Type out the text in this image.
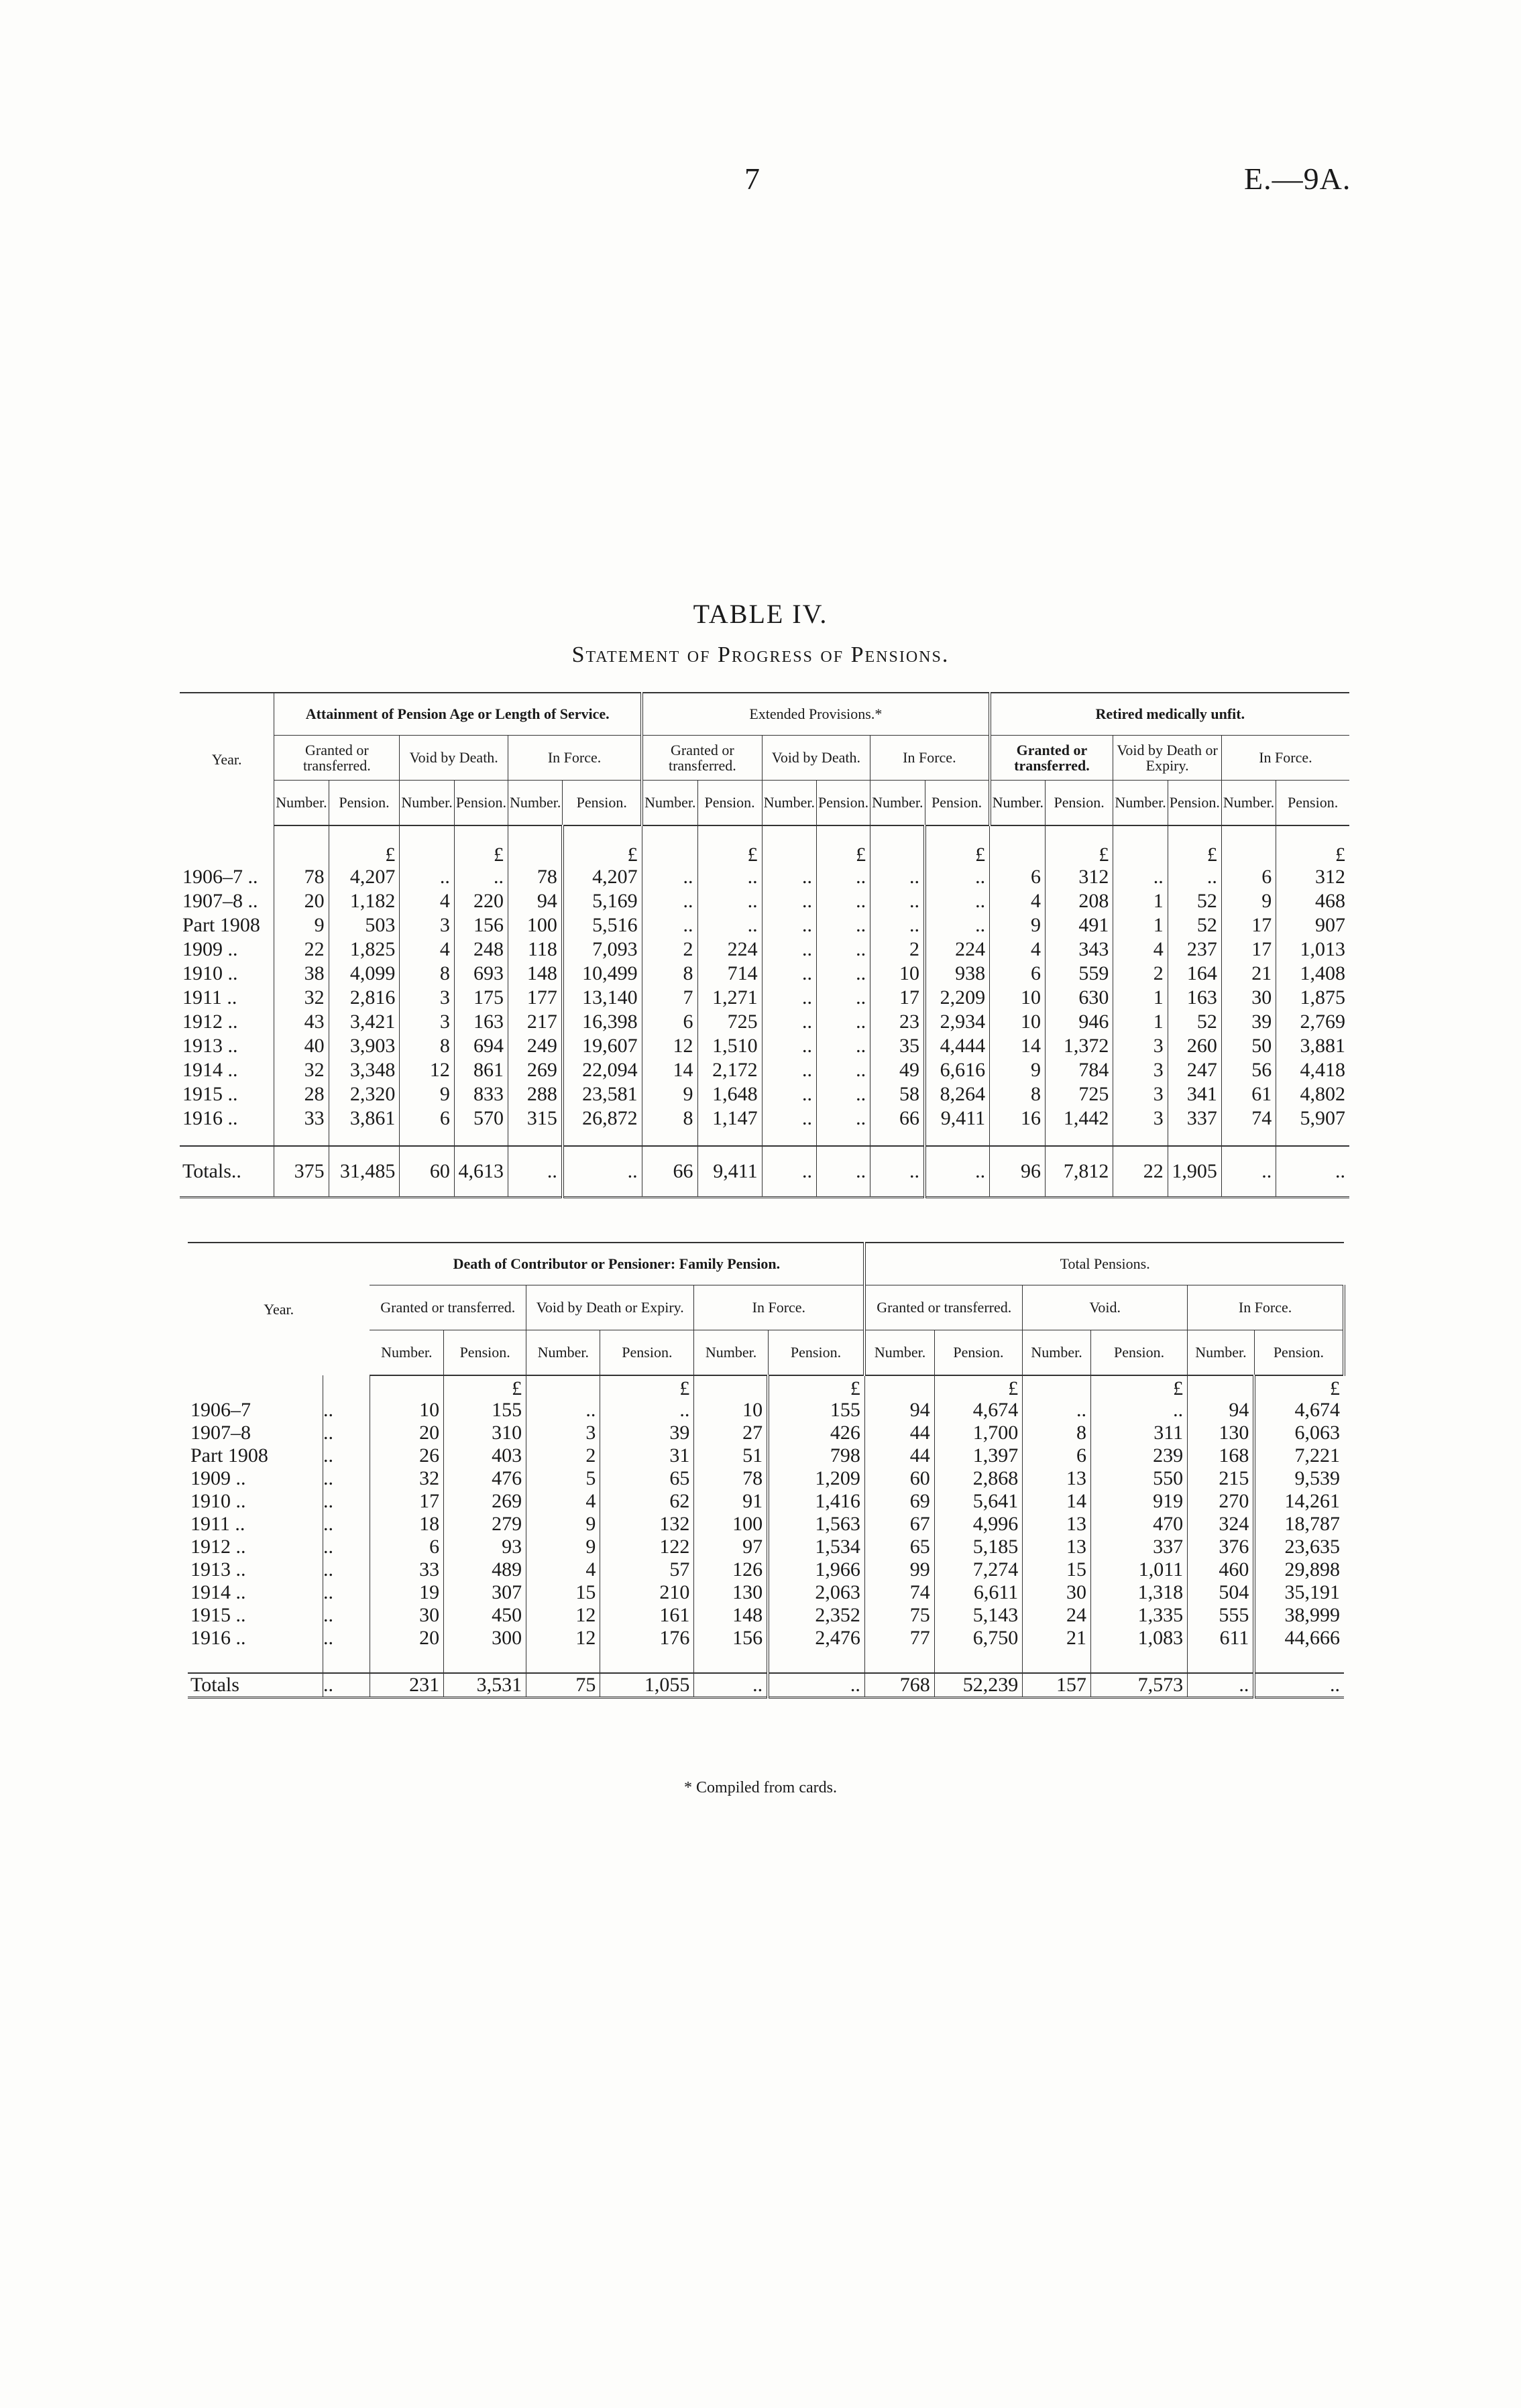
7	E.—9A.
TABLE IV.
Statement of Progress of Pensions.
Year.	Attainment of Pension Age or Length of Service.						Extended Provisions.*						Retired medically unfit.					
	Granted or transferred.		Void by Death.		In Force.		Granted or transferred.		Void by Death.		In Force.		Granted or transferred.		Void by Death or Expiry.		In Force.	
	Number.	Pension.	Number.	Pension.	Number.	Pension.	Number.	Pension.	Number.	Pension.	Number.	Pension.	Number.	Pension.	Number.	Pension.	Number.	Pension.
		£		£		£		£		£		£		£		£		£
1906–7 ..	78	4,207	..	..	78	4,207	..	..	..	..	..	..	6	312	..	..	6	312
1907–8 ..	20	1,182	4	220	94	5,169	..	..	..	..	..	..	4	208	1	52	9	468
Part 1908	9	503	3	156	100	5,516	..	..	..	..	..	..	9	491	1	52	17	907
1909 ..	22	1,825	4	248	118	7,093	2	224	..	..	2	224	4	343	4	237	17	1,013
1910 ..	38	4,099	8	693	148	10,499	8	714	..	..	10	938	6	559	2	164	21	1,408
1911 ..	32	2,816	3	175	177	13,140	7	1,271	..	..	17	2,209	10	630	1	163	30	1,875
1912 ..	43	3,421	3	163	217	16,398	6	725	..	..	23	2,934	10	946	1	52	39	2,769
1913 ..	40	3,903	8	694	249	19,607	12	1,510	..	..	35	4,444	14	1,372	3	260	50	3,881
1914 ..	32	3,348	12	861	269	22,094	14	2,172	..	..	49	6,616	9	784	3	247	56	4,418
1915 ..	28	2,320	9	833	288	23,581	9	1,648	..	..	58	8,264	8	725	3	341	61	4,802
1916 ..	33	3,861	6	570	315	26,872	8	1,147	..	..	66	9,411	16	1,442	3	337	74	5,907

Totals..	375	31,485	60	4,613	..	..	66	9,411	..	..	..	..	96	7,812	22	1,905	..	..
Year.		Death of Contributor or Pensioner: Family Pension.						Total Pensions.					
		Granted or transferred.		Void by Death or Expiry.		In Force.		Granted or transferred.		Void.		In Force.	
		Number.	Pension.	Number.	Pension.	Number.	Pension.	Number.	Pension.	Number.	Pension.	Number.	Pension.
			£		£		£		£		£		£
1906–7	..	10	155	..	..	10	155	94	4,674	..	..	94	4,674
1907–8	..	20	310	3	39	27	426	44	1,700	8	311	130	6,063
Part 1908	..	26	403	2	31	51	798	44	1,397	6	239	168	7,221
1909 ..	..	32	476	5	65	78	1,209	60	2,868	13	550	215	9,539
1910 ..	..	17	269	4	62	91	1,416	69	5,641	14	919	270	14,261
1911 ..	..	18	279	9	132	100	1,563	67	4,996	13	470	324	18,787
1912 ..	..	6	93	9	122	97	1,534	65	5,185	13	337	376	23,635
1913 ..	..	33	489	4	57	126	1,966	99	7,274	15	1,011	460	29,898
1914 ..	..	19	307	15	210	130	2,063	74	6,611	30	1,318	504	35,191
1915 ..	..	30	450	12	161	148	2,352	75	5,143	24	1,335	555	38,999
1916 ..	..	20	300	12	176	156	2,476	77	6,750	21	1,083	611	44,666

Totals	..	231	3,531	75	1,055	..	..	768	52,239	157	7,573	..	..
* Compiled from cards.
